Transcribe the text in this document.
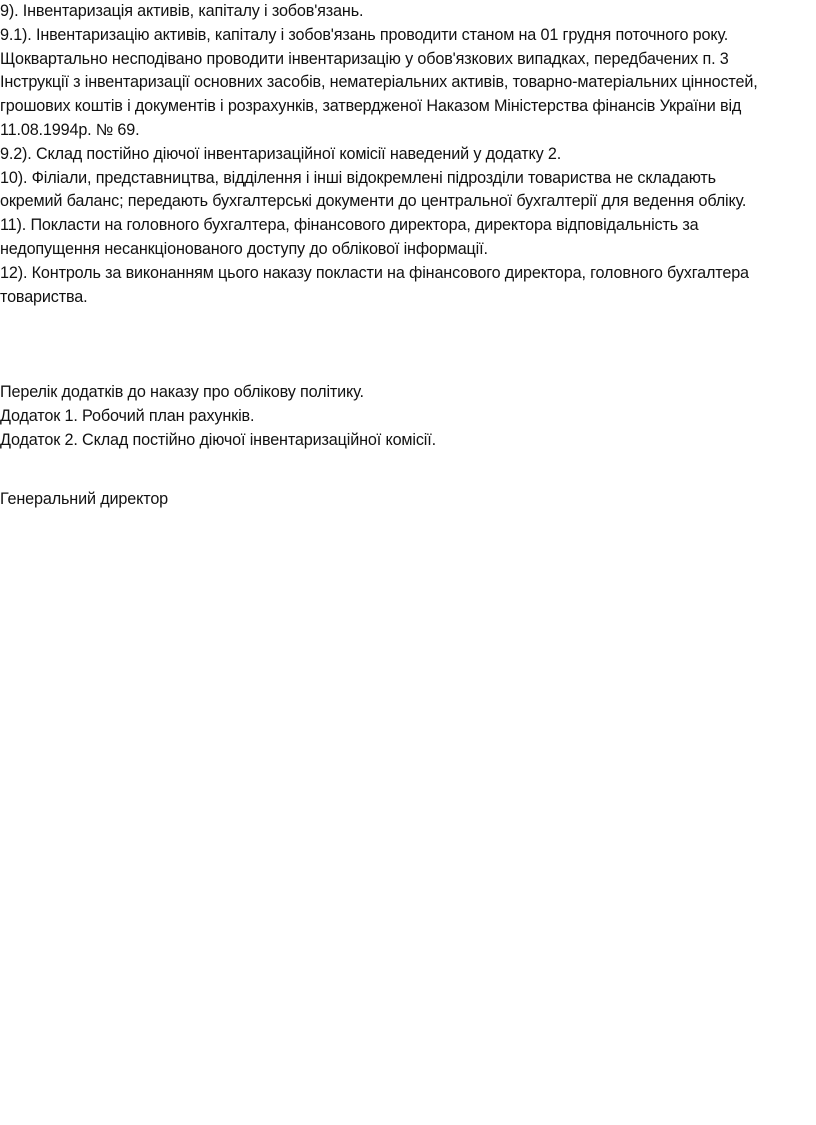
9). Інвентаризація активів, капіталу і зобов'язань.
9.1). Інвентаризацію активів, капіталу і зобов'язань проводити станом на 01 грудня поточного року.
Щоквартально несподівано проводити інвентаризацію у обов'язкових випадках, передбачених п. 3
Інструкції з інвентаризації основних засобів, нематеріальних активів, товарно-матеріальних цінностей,
грошових коштів і документів і розрахунків, затвердженої Наказом Міністерства фінансів України від
11.08.1994р. № 69.
9.2). Склад постійно діючої інвентаризаційної комісії наведений у додатку 2.
10). Філіали, представництва, відділення і інші відокремлені підрозділи товариства не складають
окремий баланс; передають бухгалтерські документи до центральної бухгалтерії для ведення обліку.
11). Покласти на головного бухгалтера, фінансового директора, директора відповідальність за
недопущення несанкціонованого доступу до облікової інформації.
12). Контроль за виконанням цього наказу покласти на фінансового директора, головного бухгалтера
товариства.
Перелік додатків до наказу про облікову політику.
Додаток 1. Робочий план рахунків.
Додаток 2. Склад постійно діючої інвентаризаційної комісії.
Генеральний директор
